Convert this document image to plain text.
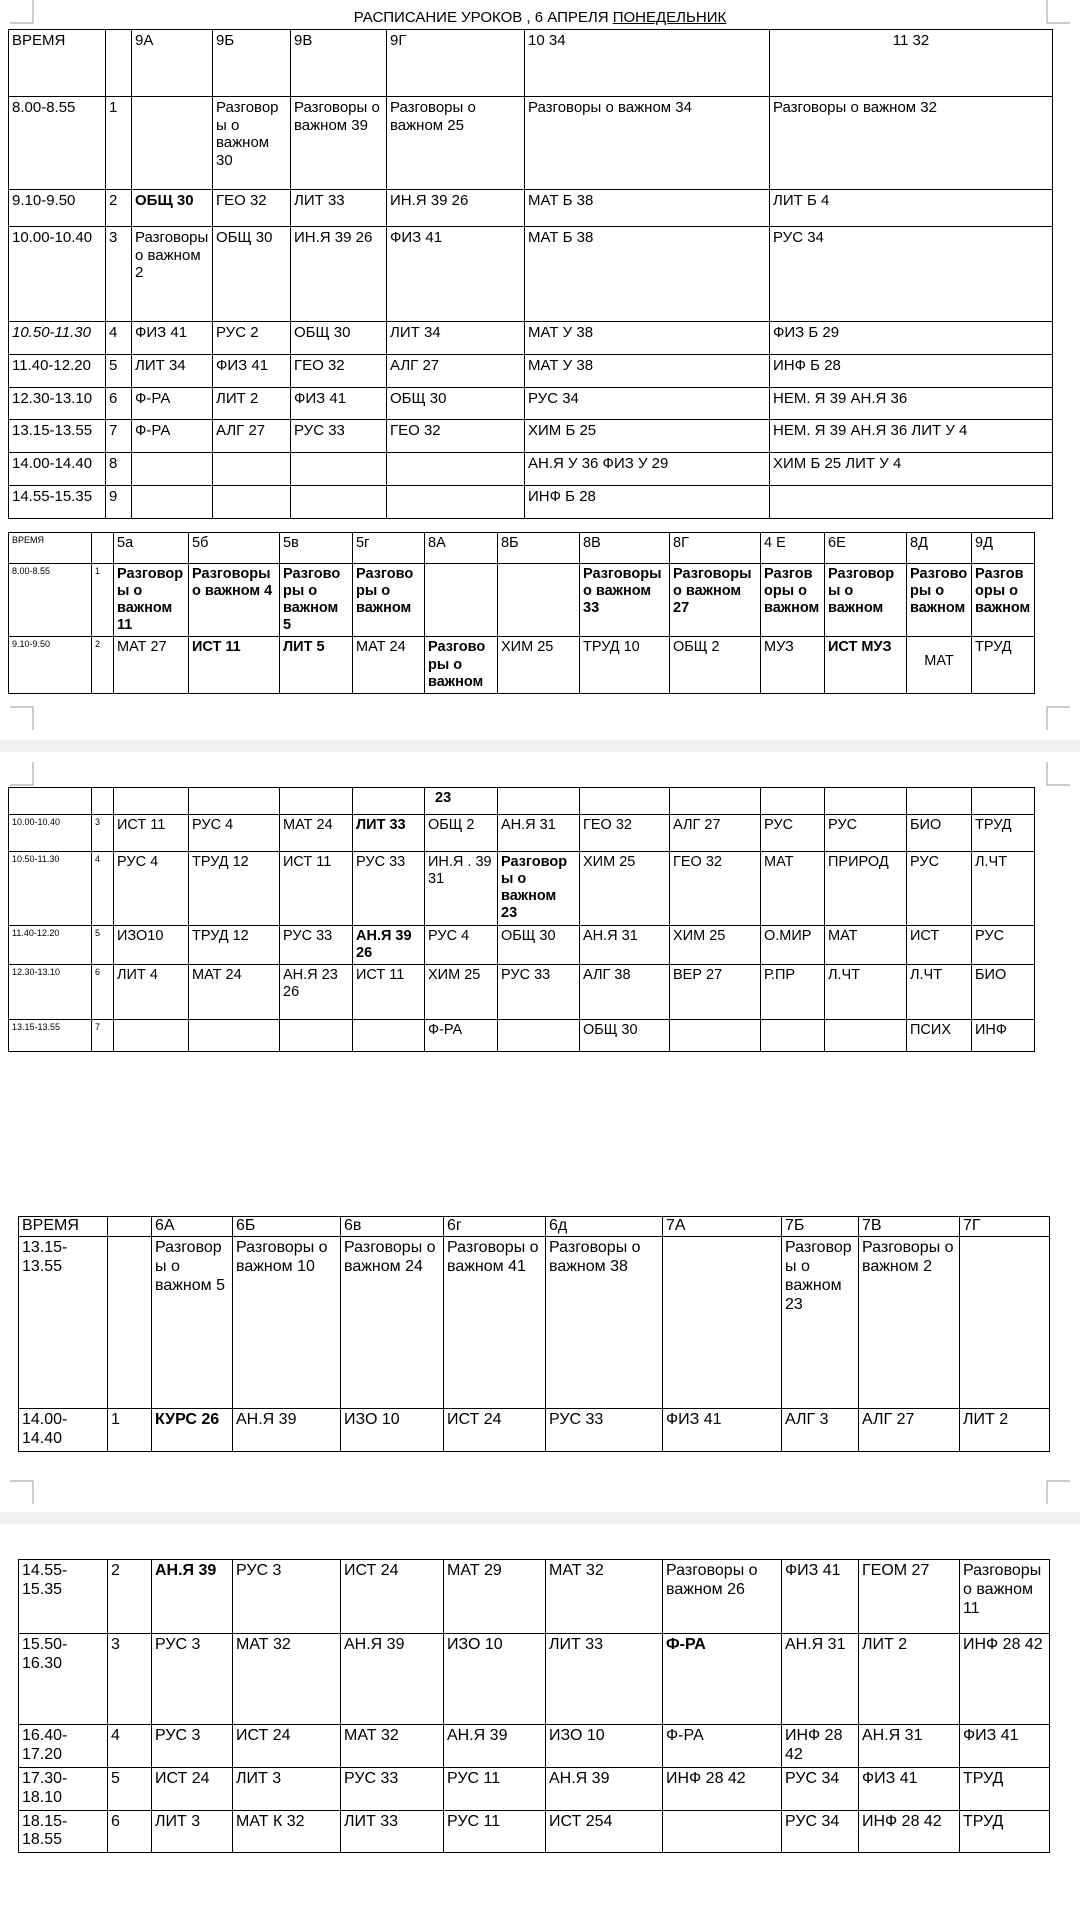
РАСПИСАНИЕ УРОКОВ , 6 АПРЕЛЯ ПОНЕДЕЛЬНИК
ВРЕМЯ		9А	9Б	9В	9Г	10 34	11 32
8.00-8.55	1		Разговоры о важном 30	Разговоры о важном 39	Разговоры о важном 25	Разговоры о важном 34	Разговоры о важном 32
9.10-9.50	2	ОБЩ 30	ГЕО 32	ЛИТ 33	ИН.Я 39 26	МАТ Б 38	ЛИТ Б 4
10.00-10.40	3	Разговоры о важном 2	ОБЩ 30	ИН.Я 39 26	ФИЗ 41	МАТ Б 38	РУС 34
10.50-11.30	4	ФИЗ 41	РУС 2	ОБЩ 30	ЛИТ 34	МАТ У 38	ФИЗ Б 29
11.40-12.20	5	ЛИТ 34	ФИЗ 41	ГЕО 32	АЛГ 27	МАТ У 38	ИНФ Б 28
12.30-13.10	6	Ф-РА	ЛИТ 2	ФИЗ 41	ОБЩ 30	РУС 34	НЕМ. Я 39 АН.Я 36
13.15-13.55	7	Ф-РА	АЛГ 27	РУС 33	ГЕО 32	ХИМ Б 25	НЕМ. Я 39 АН.Я 36 ЛИТ У 4
14.00-14.40	8					АН.Я У 36 ФИЗ У 29	ХИМ Б 25 ЛИТ У 4
14.55-15.35	9					ИНФ Б 28	
ВРЕМЯ		5а	5б	5в	5г	8А	8Б	8В	8Г	4 Е	6Е	8Д	9Д
8.00-8.55	1	Разговоры о важном 11	Разговоры о важном 4	Разговоры о важном 5	Разговоры о важном			Разговоры о важном 33	Разговоры о важном 27	Разговоры о важном	Разговоры о важном	Разговоры о важном	Разговоры о важном
9.10-9.50	2	МАТ 27	ИСТ 11	ЛИТ 5	МАТ 24	Разговоры о важном	ХИМ 25	ТРУД 10	ОБЩ 2	МУЗ	ИСТ МУЗ	МАТ	ТРУД
						23							
10.00-10.40	3	ИСТ 11	РУС 4	МАТ 24	ЛИТ 33	ОБЩ 2	АН.Я 31	ГЕО 32	АЛГ 27	РУС	РУС	БИО	ТРУД
10.50-11.30	4	РУС 4	ТРУД 12	ИСТ 11	РУС 33	ИН.Я . 39 31	Разговоры о важном 23	ХИМ 25	ГЕО 32	МАТ	ПРИРОД	РУС	Л.ЧТ
11.40-12.20	5	ИЗО10	ТРУД 12	РУС 33	АН.Я 39 26	РУС 4	ОБЩ 30	АН.Я 31	ХИМ 25	О.МИР	МАТ	ИСТ	РУС
12.30-13.10	6	ЛИТ 4	МАТ 24	АН.Я 23 26	ИСТ 11	ХИМ 25	РУС 33	АЛГ 38	ВЕР 27	Р.ПР	Л.ЧТ	Л.ЧТ	БИО
13.15-13.55	7					Ф-РА		ОБЩ 30				ПСИХ	ИНФ
ВРЕМЯ		6А	6Б	6в	6г	6д	7А	7Б	7В	7Г
13.15-13.55		Разговоры о важном 5	Разговоры о важном 10	Разговоры о важном 24	Разговоры о важном 41	Разговоры о важном 38		Разговоры о важном 23	Разговоры о важном 2	
14.00-14.40	1	КУРС 26	АН.Я 39	ИЗО 10	ИСТ 24	РУС 33	ФИЗ 41	АЛГ 3	АЛГ 27	ЛИТ 2
14.55-15.35	2	АН.Я 39	РУС 3	ИСТ 24	МАТ 29	МАТ 32	Разговоры о важном 26	ФИЗ 41	ГЕОМ 27	Разговоры о важном 11
15.50-16.30	3	РУС 3	МАТ 32	АН.Я 39	ИЗО 10	ЛИТ 33	Ф-РА	АН.Я 31	ЛИТ 2	ИНФ 28 42
16.40-17.20	4	РУС 3	ИСТ 24	МАТ 32	АН.Я 39	ИЗО 10	Ф-РА	ИНФ 28 42	АН.Я 31	ФИЗ 41
17.30-18.10	5	ИСТ 24	ЛИТ 3	РУС 33	РУС 11	АН.Я 39	ИНФ 28 42	РУС 34	ФИЗ 41	ТРУД
18.15-18.55	6	ЛИТ 3	МАТ К 32	ЛИТ 33	РУС 11	ИСТ 254		РУС 34	ИНФ 28 42	ТРУД
